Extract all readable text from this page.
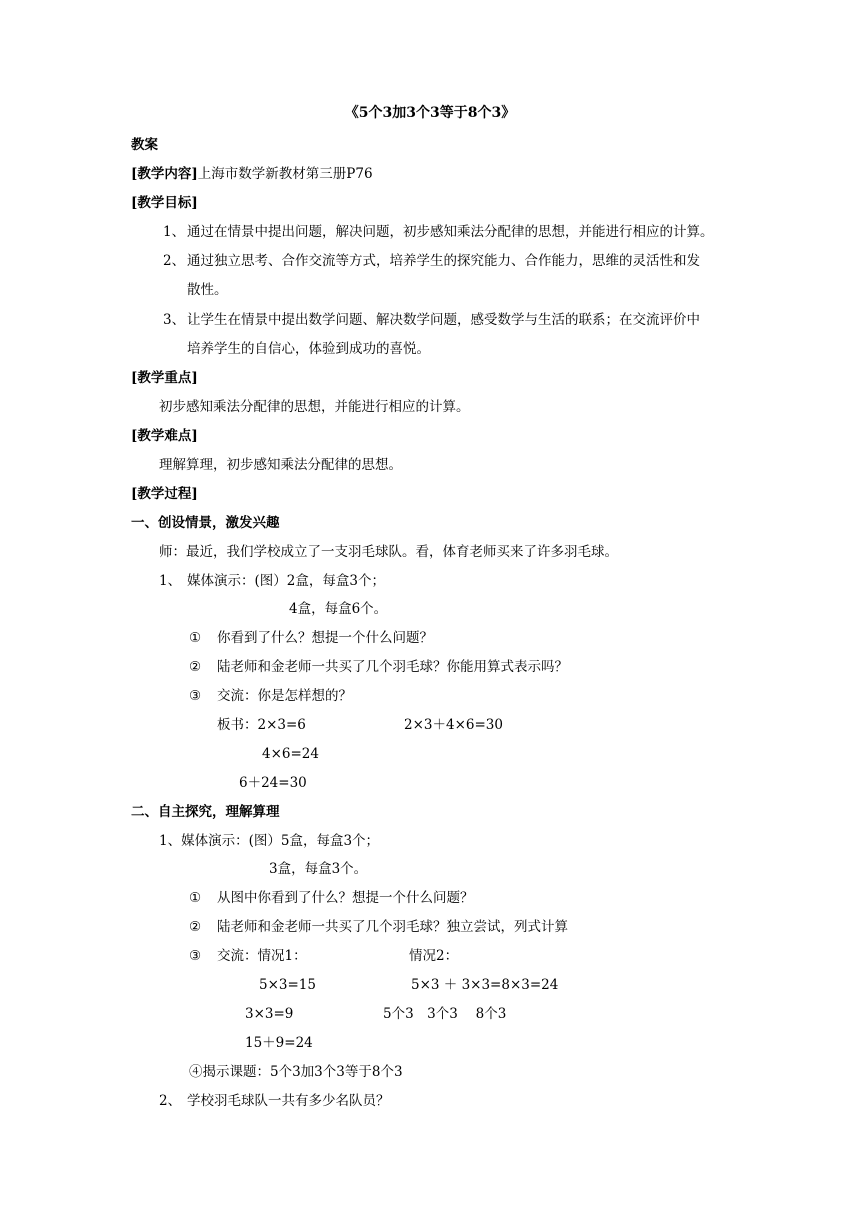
《5个3加3个3等于8个3》
教案
[教学内容]上海市数学新教材第三册P76
[教学目标]
1、 通过在情景中提出问题，解决问题，初步感知乘法分配律的思想，并能进行相应的计算。
2、 通过独立思考、合作交流等方式，培养学生的探究能力、合作能力，思维的灵活性和发
散性。
3、 让学生在情景中提出数学问题、解决数学问题，感受数学与生活的联系；在交流评价中
培养学生的自信心，体验到成功的喜悦。
[教学重点]
初步感知乘法分配律的思想，并能进行相应的计算。
[教学难点]
理解算理，初步感知乘法分配律的思想。
[教学过程]
一、创设情景，激发兴趣
师：最近，我们学校成立了一支羽毛球队。看，体育老师买来了许多羽毛球。
1、 媒体演示：(图）2盒，每盒3个；
4盒，每盒6个。
① 你看到了什么？想提一个什么问题？
② 陆老师和金老师一共买了几个羽毛球？你能用算式表示吗？
③ 交流：你是怎样想的？
板书：2×3=6	2×3＋4×6=30
4×6=24
6＋24=30
二、自主探究，理解算理
1、媒体演示：(图）5盒，每盒3个；
3盒，每盒3个。
① 从图中你看到了什么？想提一个什么问题？
② 陆老师和金老师一共买了几个羽毛球？独立尝试，列式计算
③ 交流：情况1：	情况2：
5×3=15	5×3 ＋ 3×3=8×3=24
3×3=9	5个3　3个3　 8个3
15＋9=24
④揭示课题：5个3加3个3等于8个3
2、 学校羽毛球队一共有多少名队员？
